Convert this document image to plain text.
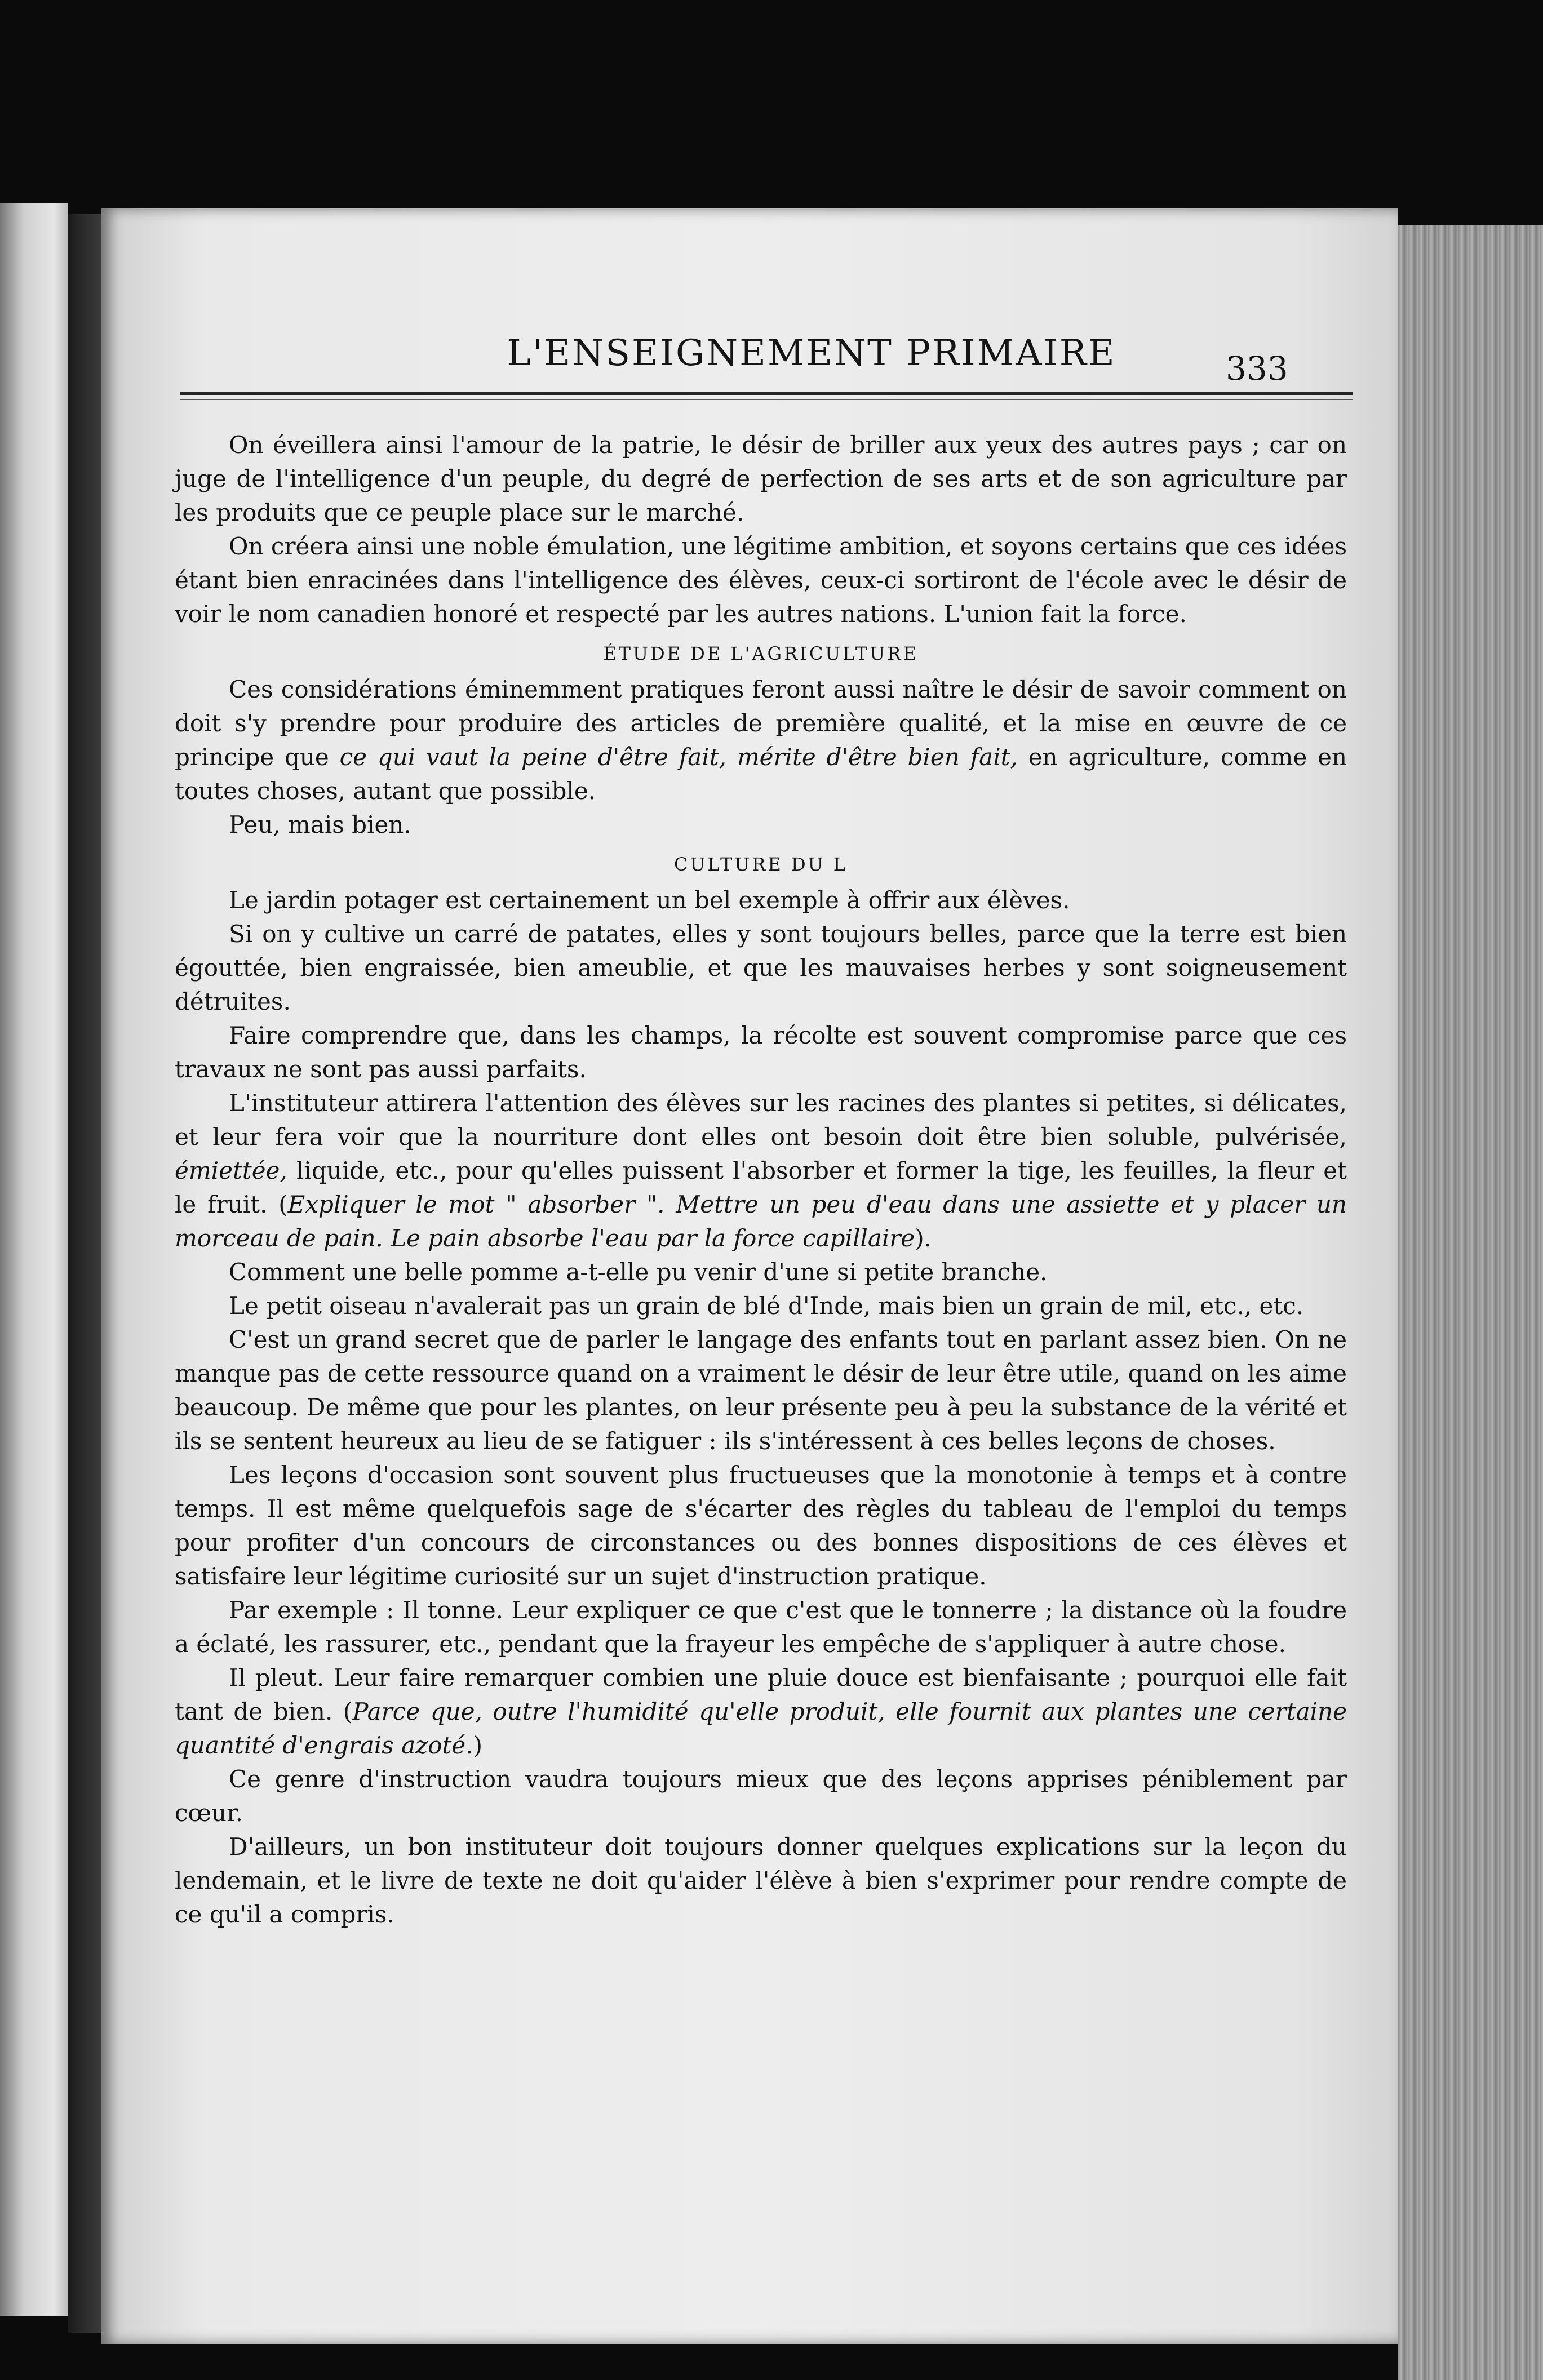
L'ENSEIGNEMENT PRIMAIRE	333

On éveillera ainsi l'amour de la patrie, le désir de briller aux yeux des autres pays ; car on juge de l'intelligence d'un peuple, du degré de perfection de ses arts et de son agriculture par les produits que ce peuple place sur le marché.

On créera ainsi une noble émulation, une légitime ambition, et soyons certains que ces idées étant bien enracinées dans l'intelligence des élèves, ceux-ci sortiront de l'école avec le désir de voir le nom canadien honoré et respecté par les autres nations. L'union fait la force.

ÉTUDE DE L'AGRICULTURE

Ces considérations éminemment pratiques feront aussi naître le désir de savoir comment on doit s'y prendre pour produire des articles de première qualité, et la mise en œuvre de ce principe que ce qui vaut la peine d'être fait, mérite d'être bien fait, en agriculture, comme en toutes choses, autant que possible.

Peu, mais bien.

CULTURE DU L

Le jardin potager est certainement un bel exemple à offrir aux élèves.

Si on y cultive un carré de patates, elles y sont toujours belles, parce que la terre est bien égouttée, bien engraissée, bien ameublie, et que les mauvaises herbes y sont soigneusement détruites.

Faire comprendre que, dans les champs, la récolte est souvent compromise parce que ces travaux ne sont pas aussi parfaits.

L'instituteur attirera l'attention des élèves sur les racines des plantes si petites, si délicates, et leur fera voir que la nourriture dont elles ont besoin doit être bien soluble, pulvérisée, émiettée, liquide, etc., pour qu'elles puissent l'absorber et former la tige, les feuilles, la fleur et le fruit. (Expliquer le mot " absorber ". Mettre un peu d'eau dans une assiette et y placer un morceau de pain. Le pain absorbe l'eau par la force capillaire).

Comment une belle pomme a-t-elle pu venir d'une si petite branche.

Le petit oiseau n'avalerait pas un grain de blé d'Inde, mais bien un grain de mil, etc., etc.

C'est un grand secret que de parler le langage des enfants tout en parlant assez bien. On ne manque pas de cette ressource quand on a vraiment le désir de leur être utile, quand on les aime beaucoup. De même que pour les plantes, on leur présente peu à peu la substance de la vérité et ils se sentent heureux au lieu de se fatiguer : ils s'intéressent à ces belles leçons de choses.

Les leçons d'occasion sont souvent plus fructueuses que la monotonie à temps et à contre temps. Il est même quelquefois sage de s'écarter des règles du tableau de l'emploi du temps pour profiter d'un concours de circonstances ou des bonnes dispositions de ces élèves et satisfaire leur légitime curiosité sur un sujet d'instruction pratique.

Par exemple : Il tonne. Leur expliquer ce que c'est que le tonnerre ; la distance où la foudre a éclaté, les rassurer, etc., pendant que la frayeur les empêche de s'appliquer à autre chose.

Il pleut. Leur faire remarquer combien une pluie douce est bienfaisante ; pourquoi elle fait tant de bien. (Parce que, outre l'humidité qu'elle produit, elle fournit aux plantes une certaine quantité d'engrais azoté.)

Ce genre d'instruction vaudra toujours mieux que des leçons apprises péniblement par cœur.

D'ailleurs, un bon instituteur doit toujours donner quelques explications sur la leçon du lendemain, et le livre de texte ne doit qu'aider l'élève à bien s'exprimer pour rendre compte de ce qu'il a compris.
